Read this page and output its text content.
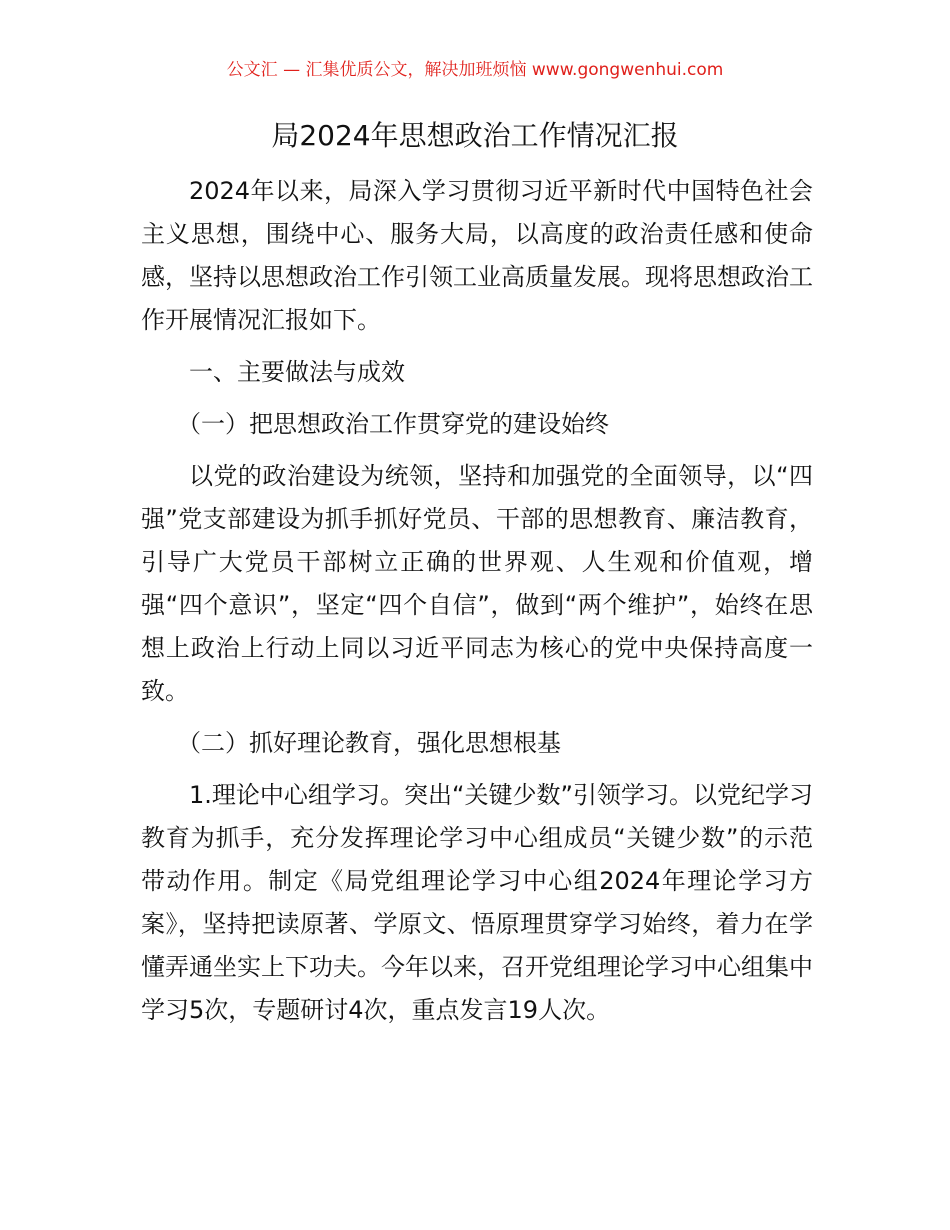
公文汇 — 汇集优质公文，解决加班烦恼 www.gongwenhui.com
局2024年思想政治工作情况汇报

2024年以来，局深入学习贯彻习近平新时代中国特色社会主义思想，围绕中心、服务大局，以高度的政治责任感和使命感，坚持以思想政治工作引领工业高质量发展。现将思想政治工作开展情况汇报如下。

一、主要做法与成效
（一）把思想政治工作贯穿党的建设始终

以党的政治建设为统领，坚持和加强党的全面领导，以“四强”党支部建设为抓手抓好党员、干部的思想教育、廉洁教育，引导广大党员干部树立正确的世界观、人生观和价值观，增强“四个意识”，坚定“四个自信”，做到“两个维护”，始终在思想上政治上行动上同以习近平同志为核心的党中央保持高度一致。

（二）抓好理论教育，强化思想根基

1.理论中心组学习。突出“关键少数”引领学习。以党纪学习教育为抓手，充分发挥理论学习中心组成员“关键少数”的示范带动作用。制定《局党组理论学习中心组2024年理论学习方案》，坚持把读原著、学原文、悟原理贯穿学习始终，着力在学懂弄通坐实上下功夫。今年以来，召开党组理论学习中心组集中学习5次，专题研讨4次，重点发言19人次。
